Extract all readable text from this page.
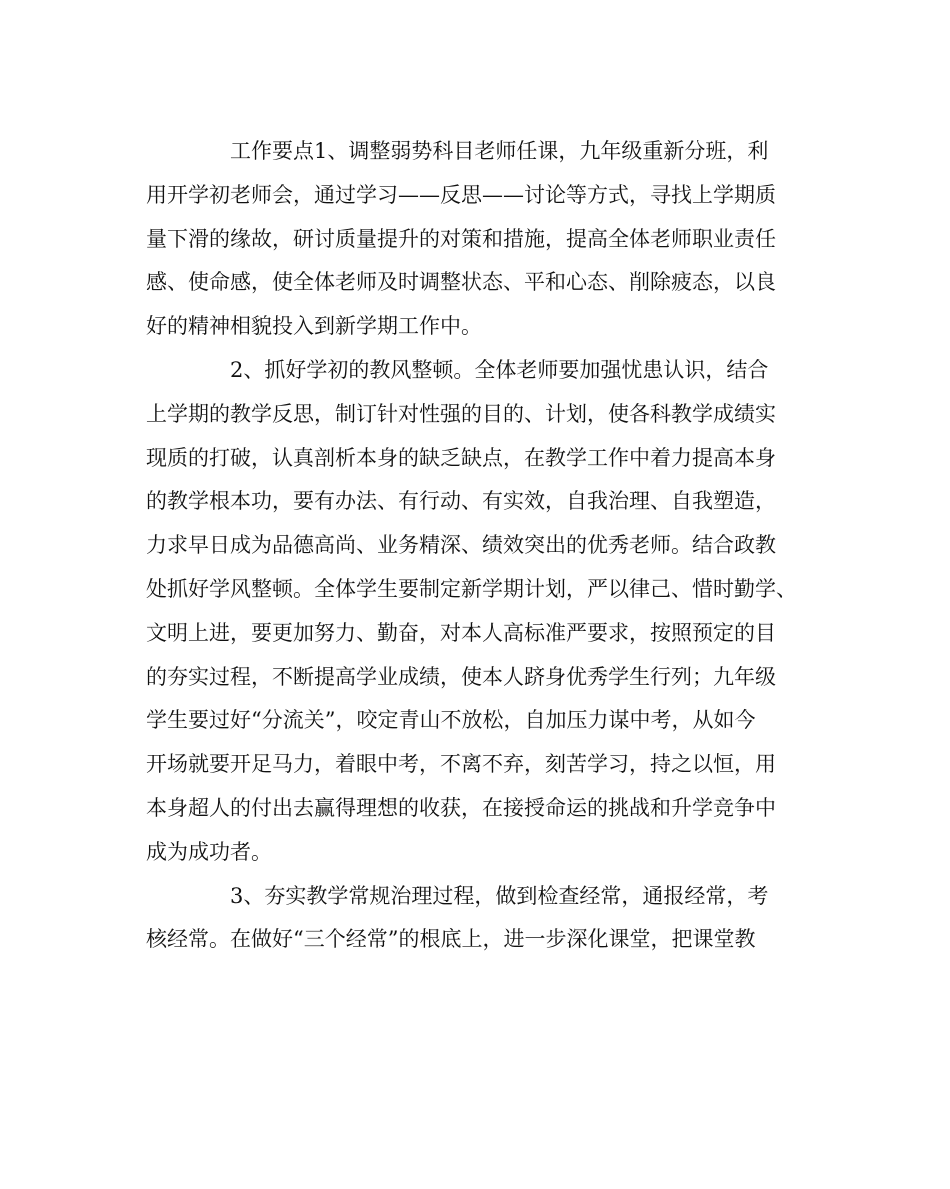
工作要点1、调整弱势科目老师任课，九年级重新分班，利
用开学初老师会，通过学习——反思——讨论等方式，寻找上学期质
量下滑的缘故，研讨质量提升的对策和措施，提高全体老师职业责任
感、使命感，使全体老师及时调整状态、平和心态、削除疲态，以良
好的精神相貌投入到新学期工作中。
2、抓好学初的教风整顿。全体老师要加强忧患认识，结合
上学期的教学反思，制订针对性强的目的、计划，使各科教学成绩实
现质的打破，认真剖析本身的缺乏缺点，在教学工作中着力提高本身
的教学根本功，要有办法、有行动、有实效，自我治理、自我塑造，
力求早日成为品德高尚、业务精深、绩效突出的优秀老师。结合政教
处抓好学风整顿。全体学生要制定新学期计划，严以律己、惜时勤学、
文明上进，要更加努力、勤奋，对本人高标准严要求，按照预定的目
的夯实过程，不断提高学业成绩，使本人跻身优秀学生行列；九年级
学生要过好“分流关”，咬定青山不放松，自加压力谋中考，从如今
开场就要开足马力，着眼中考，不离不弃，刻苦学习，持之以恒，用
本身超人的付出去赢得理想的收获，在接授命运的挑战和升学竞争中
成为成功者。
3、夯实教学常规治理过程，做到检查经常，通报经常，考
核经常。在做好“三个经常”的根底上，进一步深化课堂，把课堂教
